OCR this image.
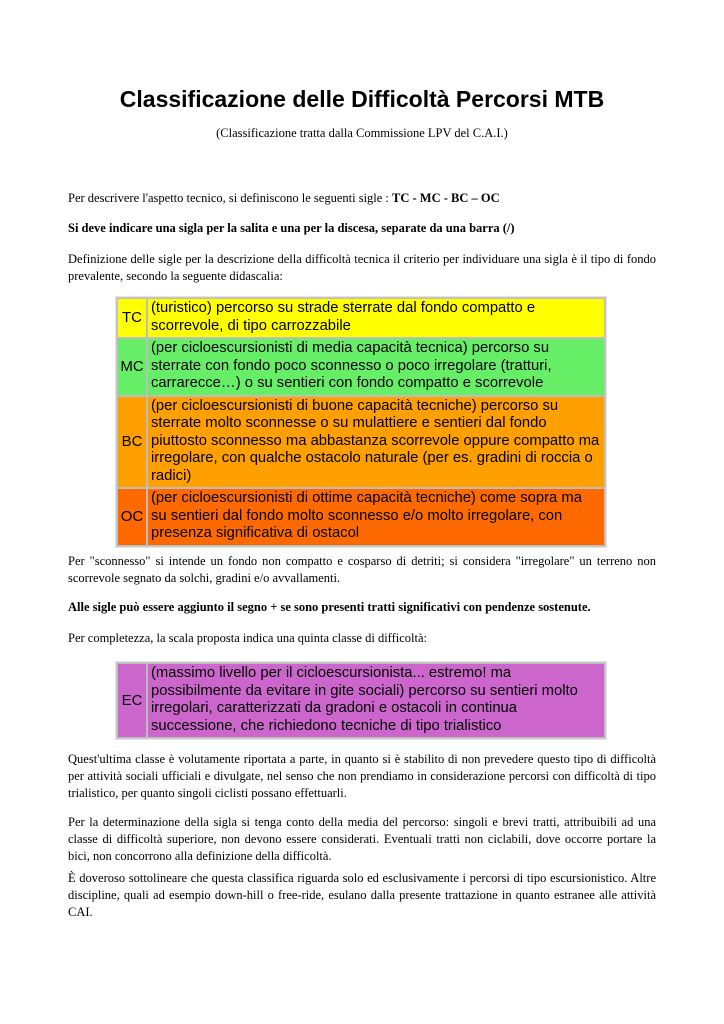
Classificazione delle Difficoltà Percorsi MTB
(Classificazione tratta dalla Commissione LPV del C.A.I.)
Per descrivere l'aspetto tecnico, si definiscono le seguenti sigle : TC - MC - BC – OC
Si deve indicare una sigla per la salita e una per la discesa, separate da una barra (/)
Definizione delle sigle per la descrizione della difficoltà tecnica il criterio per individuare una sigla è il tipo di fondo prevalente, secondo la seguente didascalia:
TC	(turistico) percorso su strade sterrate dal fondo compatto e scorrevole, di tipo carrozzabile
MC	(per cicloescursionisti di media capacità tecnica) percorso su sterrate con fondo poco sconnesso o poco irregolare (tratturi, carrarecce…) o su sentieri con fondo compatto e scorrevole
BC	(per cicloescursionisti di buone capacità tecniche) percorso su sterrate molto sconnesse o su mulattiere e sentieri dal fondo piuttosto sconnesso ma abbastanza scorrevole oppure compatto ma irregolare, con qualche ostacolo naturale (per es. gradini di roccia o radici)
OC	(per cicloescursionisti di ottime capacità tecniche) come sopra ma su sentieri dal fondo molto sconnesso e/o molto irregolare, con presenza significativa di ostacol
Per "sconnesso" si intende un fondo non compatto e cosparso di detriti; si considera "irregolare" un terreno non scorrevole segnato da solchi, gradini e/o avvallamenti.
Alle sigle può essere aggiunto il segno + se sono presenti tratti significativi con pendenze sostenute.
Per completezza, la scala proposta indica una quinta classe di difficoltà:
EC	(massimo livello per il cicloescursionista... estremo! ma possibilmente da evitare in gite sociali) percorso su sentieri molto irregolari, caratterizzati da gradoni e ostacoli in continua successione, che richiedono tecniche di tipo trialistico
Quest'ultima classe è volutamente riportata a parte, in quanto si è stabilito di non prevedere questo tipo di difficoltà per attività sociali ufficiali e divulgate, nel senso che non prendiamo in considerazione percorsi con difficoltà di tipo trialistico, per quanto singoli ciclisti possano effettuarli.
Per la determinazione della sigla si tenga conto della media del percorso: singoli e brevi tratti, attribuibili ad una classe di difficoltà superiore, non devono essere considerati. Eventuali tratti non ciclabili, dove occorre portare la bici, non concorrono alla definizione della difficoltà.
È doveroso sottolineare che questa classifica riguarda solo ed esclusivamente i percorsi di tipo escursionistico. Altre discipline, quali ad esempio down-hill o free-ride, esulano dalla presente trattazione in quanto estranee alle attività CAI.
